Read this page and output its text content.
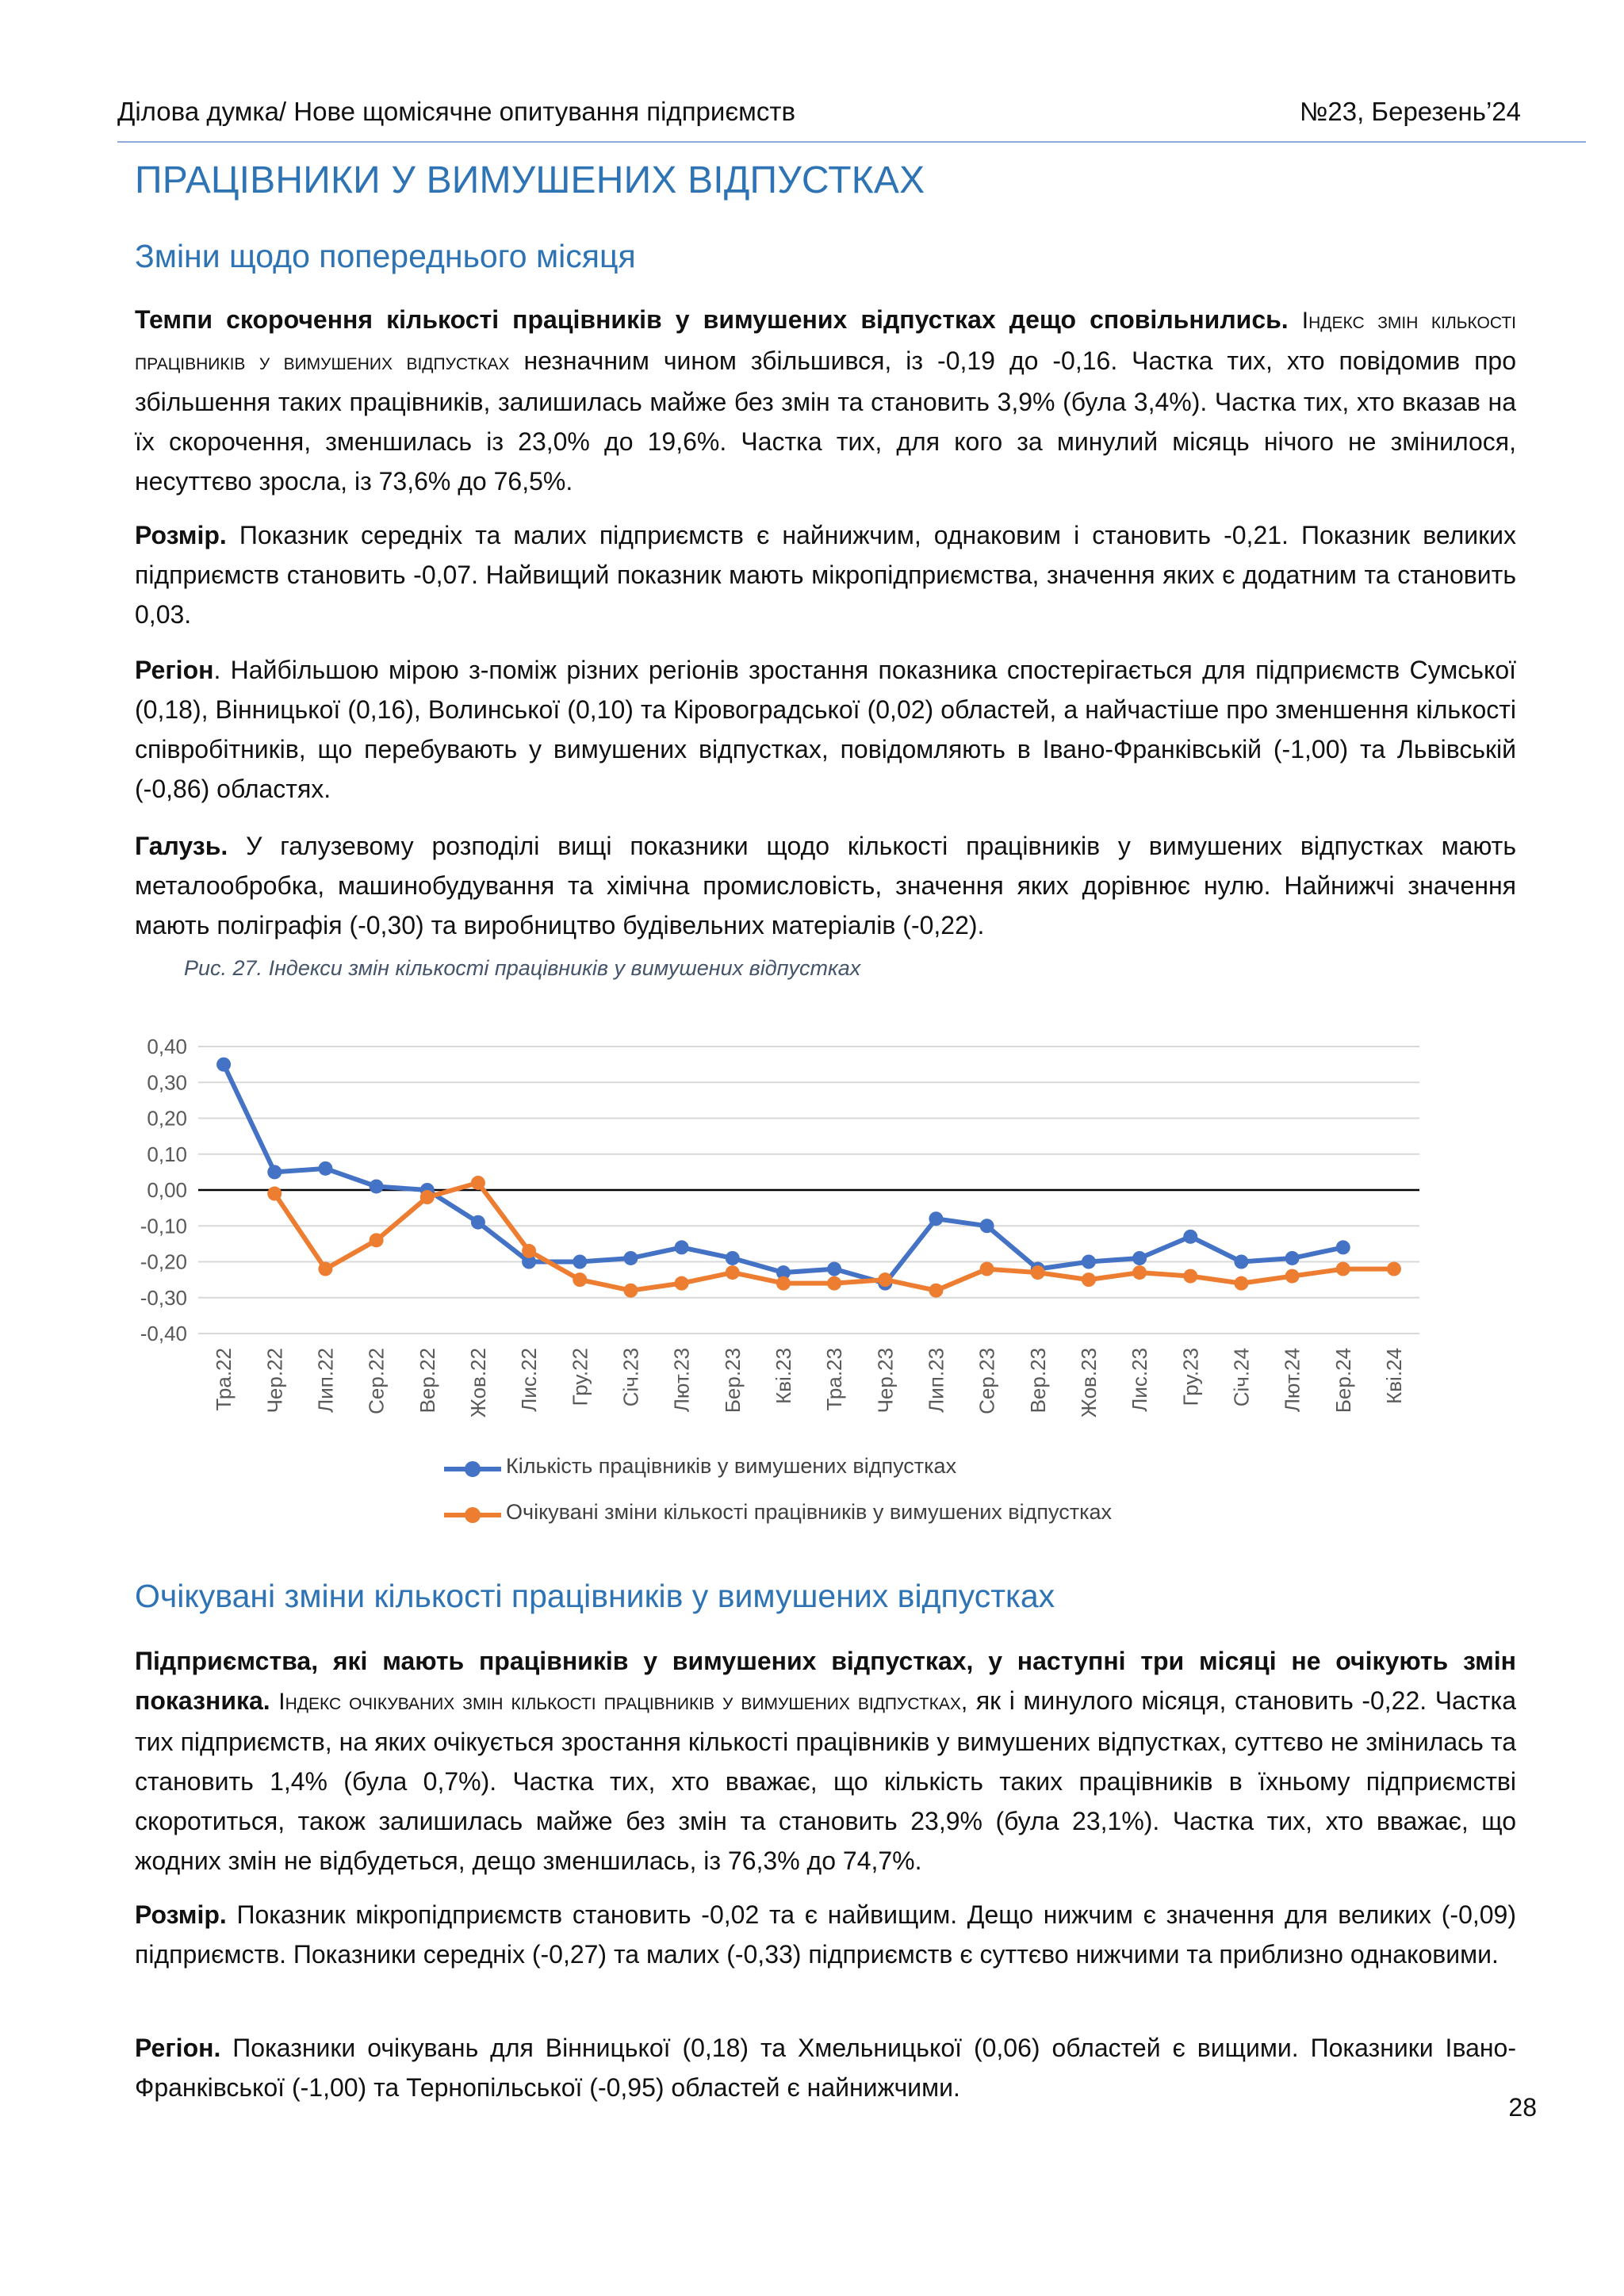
Ділова думка/ Нове щомісячне опитування підприємств	№23, Березень’24
ПРАЦІВНИКИ У ВИМУШЕНИХ ВІДПУСТКАХ
Зміни щодо попереднього місяця
Темпи скорочення кількості працівників у вимушених відпустках дещо сповільнились. Індекс змін кількості працівників у вимушених відпустках незначним чином збільшився, із -0,19 до -0,16. Частка тих, хто повідомив про збільшення таких працівників, залишилась майже без змін та становить 3,9% (була 3,4%). Частка тих, хто вказав на їх скорочення, зменшилась із 23,0% до 19,6%. Частка тих, для кого за минулий місяць нічого не змінилося, несуттєво зросла, із 73,6% до 76,5%.
Розмір. Показник середніх та малих підприємств є найнижчим, однаковим і становить -0,21. Показник великих підприємств становить -0,07. Найвищий показник мають мікропідприємства, значення яких є додатним та становить 0,03.
Регіон. Найбільшою мірою з-поміж різних регіонів зростання показника спостерігається для підприємств Сумської (0,18), Вінницької (0,16), Волинської (0,10) та Кіровоградської (0,02) областей, а найчастіше про зменшення кількості співробітників, що перебувають у вимушених відпустках, повідомляють в Івано-Франківській (-1,00) та Львівській (-0,86) областях.
Галузь. У галузевому розподілі вищі показники щодо кількості працівників у вимушених відпустках мають металообробка, машинобудування та хімічна промисловість, значення яких дорівнює нулю. Найнижчі значення мають поліграфія (-0,30) та виробництво будівельних матеріалів (-0,22).
Рис. 27. Індекси змін кількості працівників у вимушених відпустках
0,40
0,30
0,20
0,10
0,00
-0,10
-0,20
-0,30
-0,40
Тра.22 Чер.22 Лип.22 Сер.22 Вер.22 Жов.22 Лис.22 Гру.22 Січ.23 Лют.23 Бер.23 Кві.23 Тра.23 Чер.23 Лип.23 Сер.23 Вер.23 Жов.23 Лис.23 Гру.23 Січ.24 Лют.24 Бер.24 Кві.24
Кількість працівників у вимушених відпустках
Очікувані зміни кількості працівників у вимушених відпустках
Очікувані зміни кількості працівників у вимушених відпустках
Підприємства, які мають працівників у вимушених відпустках, у наступні три місяці не очікують змін показника. Індекс очікуваних змін кількості працівників у вимушених відпустках, як і минулого місяця, становить -0,22. Частка тих підприємств, на яких очікується зростання кількості працівників у вимушених відпустках, суттєво не змінилась та становить 1,4% (була 0,7%). Частка тих, хто вважає, що кількість таких працівників в їхньому підприємстві скоротиться, також залишилась майже без змін та становить 23,9% (була 23,1%). Частка тих, хто вважає, що жодних змін не відбудеться, дещо зменшилась, із 76,3% до 74,7%.
Розмір. Показник мікропідприємств становить -0,02 та є найвищим. Дещо нижчим є значення для великих (-0,09) підприємств. Показники середніх (-0,27) та малих (-0,33) підприємств є суттєво нижчими та приблизно однаковими.
Регіон. Показники очікувань для Вінницької (0,18) та Хмельницької (0,06) областей є вищими. Показники Івано-Франківської (-1,00) та Тернопільської (-0,95) областей є найнижчими.
28
